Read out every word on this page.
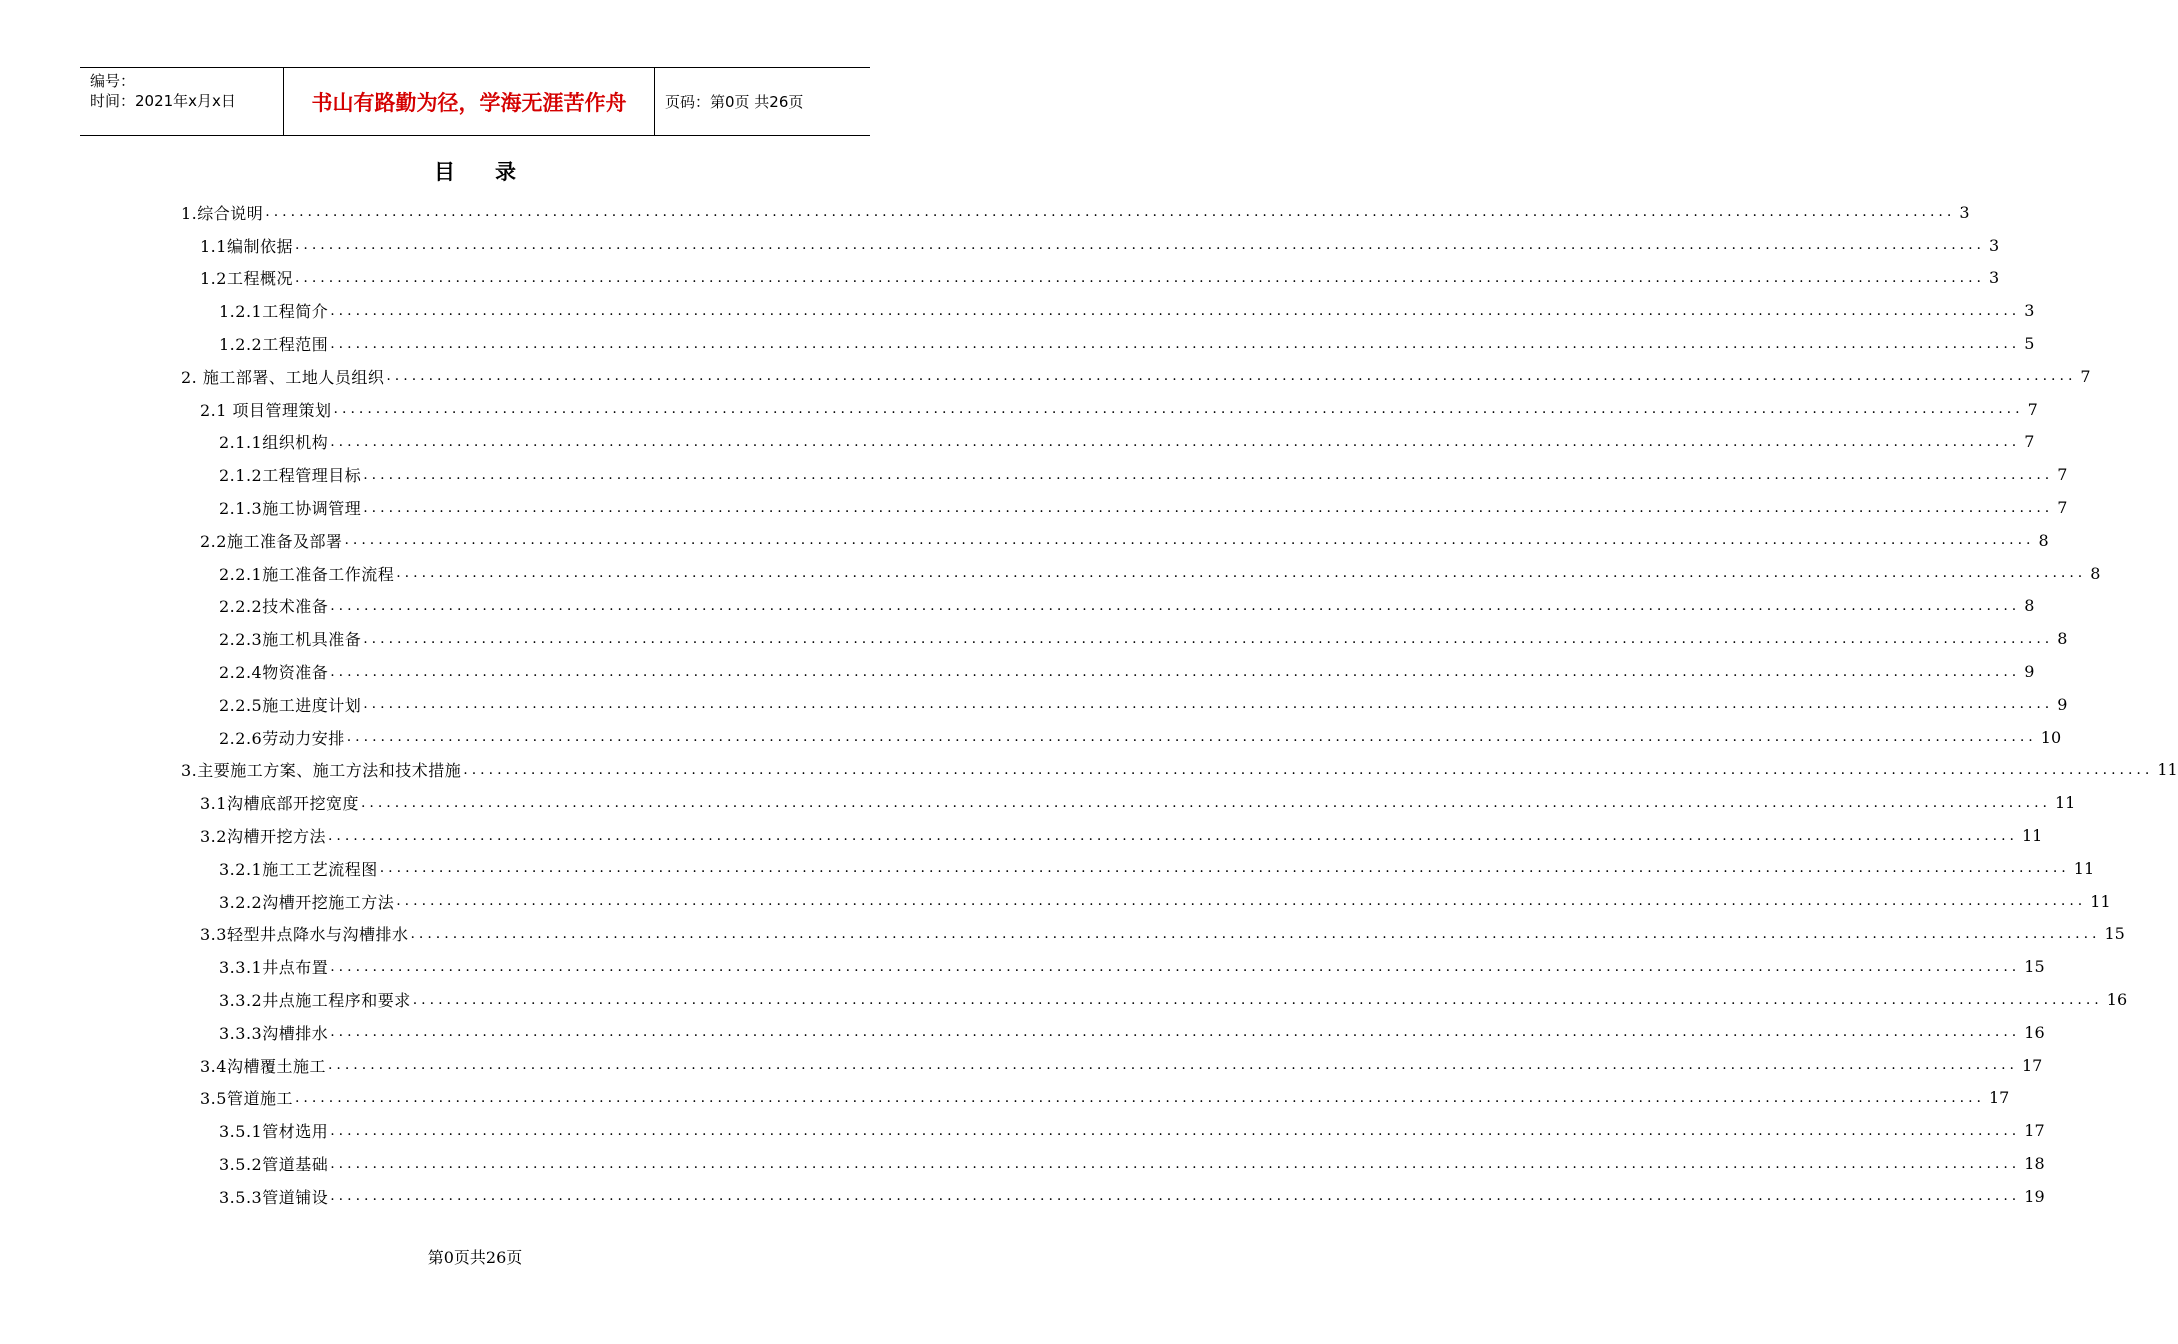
编号：
时间：2021年x月x日	书山有路勤为径，学海无涯苦作舟	页码：第0页 共26页
目录
1.综合说明 ........................................................................................................................................................................................................ 3
1.1编制依据 ........................................................................................................................................................................................................ 3
1.2工程概况 ........................................................................................................................................................................................................ 3
1.2.1工程简介 ........................................................................................................................................................................................................ 3
1.2.2工程范围 ........................................................................................................................................................................................................ 5
2. 施工部署、工地人员组织 ........................................................................................................................................................................................................ 7
2.1 项目管理策划 ........................................................................................................................................................................................................ 7
2.1.1组织机构 ........................................................................................................................................................................................................ 7
2.1.2工程管理目标 ........................................................................................................................................................................................................ 7
2.1.3施工协调管理 ........................................................................................................................................................................................................ 7
2.2施工准备及部署 ........................................................................................................................................................................................................ 8
2.2.1施工准备工作流程 ........................................................................................................................................................................................................ 8
2.2.2技术准备 ........................................................................................................................................................................................................ 8
2.2.3施工机具准备 ........................................................................................................................................................................................................ 8
2.2.4物资准备 ........................................................................................................................................................................................................ 9
2.2.5施工进度计划 ........................................................................................................................................................................................................ 9
2.2.6劳动力安排 ........................................................................................................................................................................................................ 10
3.主要施工方案、施工方法和技术措施 ........................................................................................................................................................................................................ 11
3.1沟槽底部开挖宽度 ........................................................................................................................................................................................................ 11
3.2沟槽开挖方法 ........................................................................................................................................................................................................ 11
3.2.1施工工艺流程图 ........................................................................................................................................................................................................ 11
3.2.2沟槽开挖施工方法 ........................................................................................................................................................................................................ 11
3.3轻型井点降水与沟槽排水 ........................................................................................................................................................................................................ 15
3.3.1井点布置 ........................................................................................................................................................................................................ 15
3.3.2井点施工程序和要求 ........................................................................................................................................................................................................ 16
3.3.3沟槽排水 ........................................................................................................................................................................................................ 16
3.4沟槽覆土施工 ........................................................................................................................................................................................................ 17
3.5管道施工 ........................................................................................................................................................................................................ 17
3.5.1管材选用 ........................................................................................................................................................................................................ 17
3.5.2管道基础 ........................................................................................................................................................................................................ 18
3.5.3管道铺设 ........................................................................................................................................................................................................ 19
第0页共26页
